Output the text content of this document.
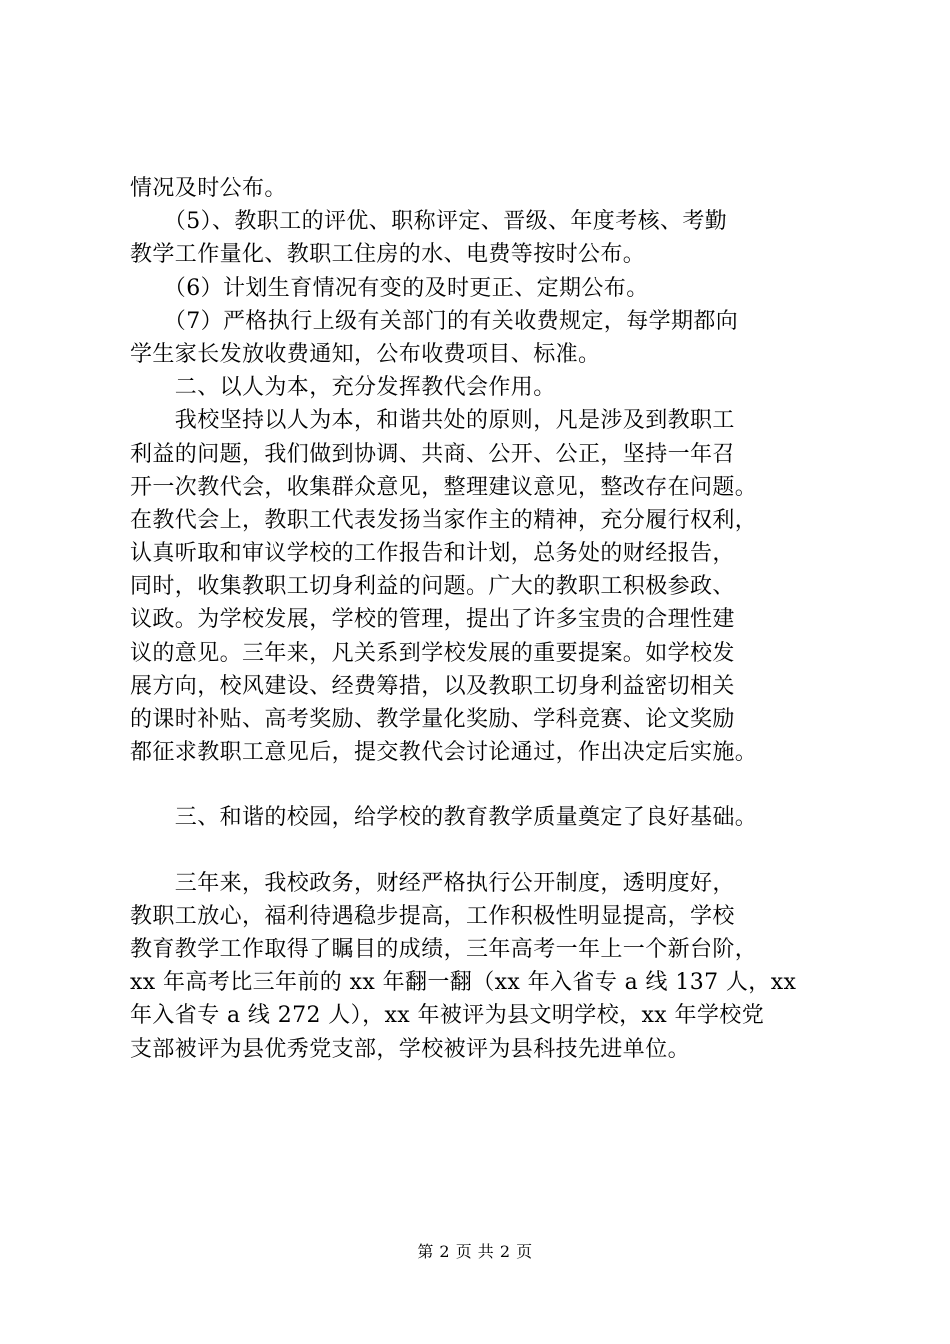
情况及时公布。
　　（5）、教职工的评优、职称评定、晋级、年度考核、考勤
教学工作量化、教职工住房的水、电费等按时公布。
　　（6）计划生育情况有变的及时更正、定期公布。
　　（7）严格执行上级有关部门的有关收费规定，每学期都向
学生家长发放收费通知，公布收费项目、标准。
　　二、以人为本，充分发挥教代会作用。
　　我校坚持以人为本，和谐共处的原则，凡是涉及到教职工
利益的问题，我们做到协调、共商、公开、公正，坚持一年召
开一次教代会，收集群众意见，整理建议意见，整改存在问题。
在教代会上，教职工代表发扬当家作主的精神，充分履行权利，
认真听取和审议学校的工作报告和计划，总务处的财经报告，
同时，收集教职工切身利益的问题。广大的教职工积极参政、
议政。为学校发展，学校的管理，提出了许多宝贵的合理性建
议的意见。三年来，凡关系到学校发展的重要提案。如学校发
展方向，校风建设、经费筹措，以及教职工切身利益密切相关
的课时补贴、高考奖励、教学量化奖励、学科竞赛、论文奖励
都征求教职工意见后，提交教代会讨论通过，作出决定后实施。
　　三、和谐的校园，给学校的教育教学质量奠定了良好基础。
　　三年来，我校政务，财经严格执行公开制度，透明度好，
教职工放心，福利待遇稳步提高，工作积极性明显提高，学校
教育教学工作取得了瞩目的成绩，三年高考一年上一个新台阶，
xx 年高考比三年前的 xx 年翻一翻（xx 年入省专 a 线 137 人，xx
年入省专 a 线 272 人），xx 年被评为县文明学校，xx 年学校党
支部被评为县优秀党支部，学校被评为县科技先进单位。
第 2 页 共 2 页
